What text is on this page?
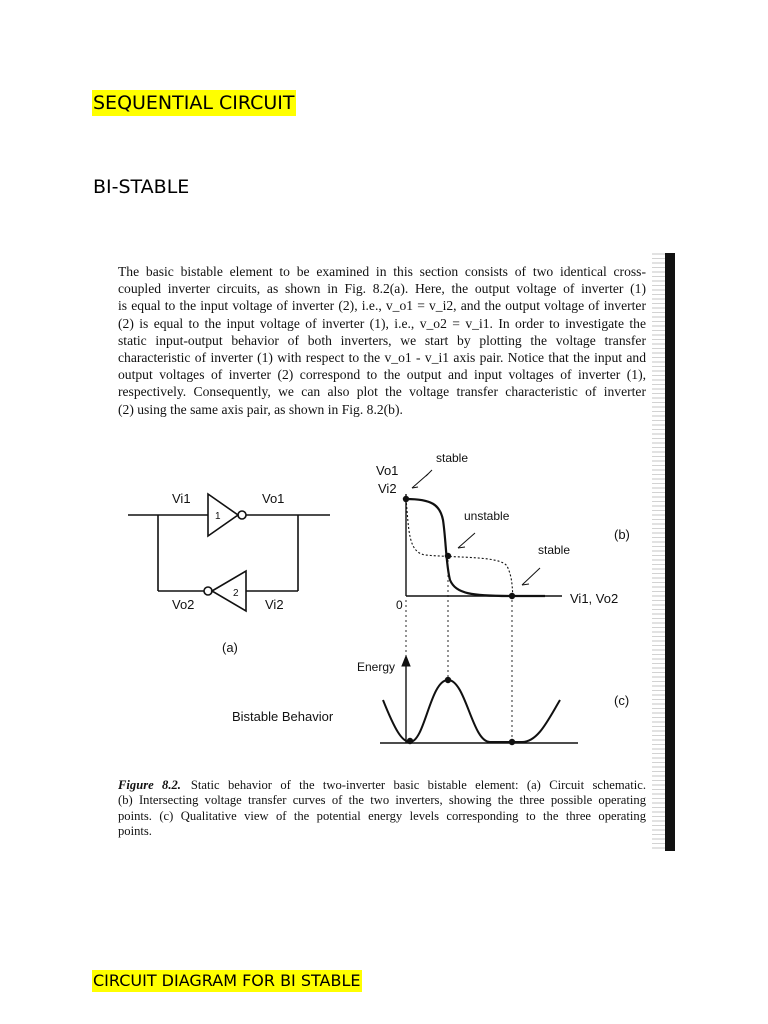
SEQUENTIAL CIRCUIT
BI-STABLE
The basic bistable element to be examined in this section consists of two identical cross-
coupled inverter circuits, as shown in Fig. 8.2(a). Here, the output voltage of inverter (1)
is equal to the input voltage of inverter (2), i.e., v_o1 = v_i2, and the output voltage of inverter
(2) is equal to the input voltage of inverter (1), i.e., v_o2 = v_i1. In order to investigate the
static input-output behavior of both inverters, we start by plotting the voltage transfer
characteristic of inverter (1) with respect to the v_o1 - v_i1 axis pair. Notice that the input and
output voltages of inverter (2) correspond to the output and input voltages of inverter (1),
respectively. Consequently, we can also plot the voltage transfer characteristic of inverter
(2) using the same axis pair, as shown in Fig. 8.2(b).
Vi1	Vo1
1
2
Vo2	Vi2
(a)
Bistable Behavior
Vo1
Vi2
stable
unstable
stable
(b)
0	Vi1, Vo2
Energy
(c)
Figure 8.2. Static behavior of the two-inverter basic bistable element: (a) Circuit schematic.
(b) Intersecting voltage transfer curves of the two inverters, showing the three possible operating
points. (c) Qualitative view of the potential energy levels corresponding to the three operating
points.
CIRCUIT DIAGRAM FOR BI STABLE
